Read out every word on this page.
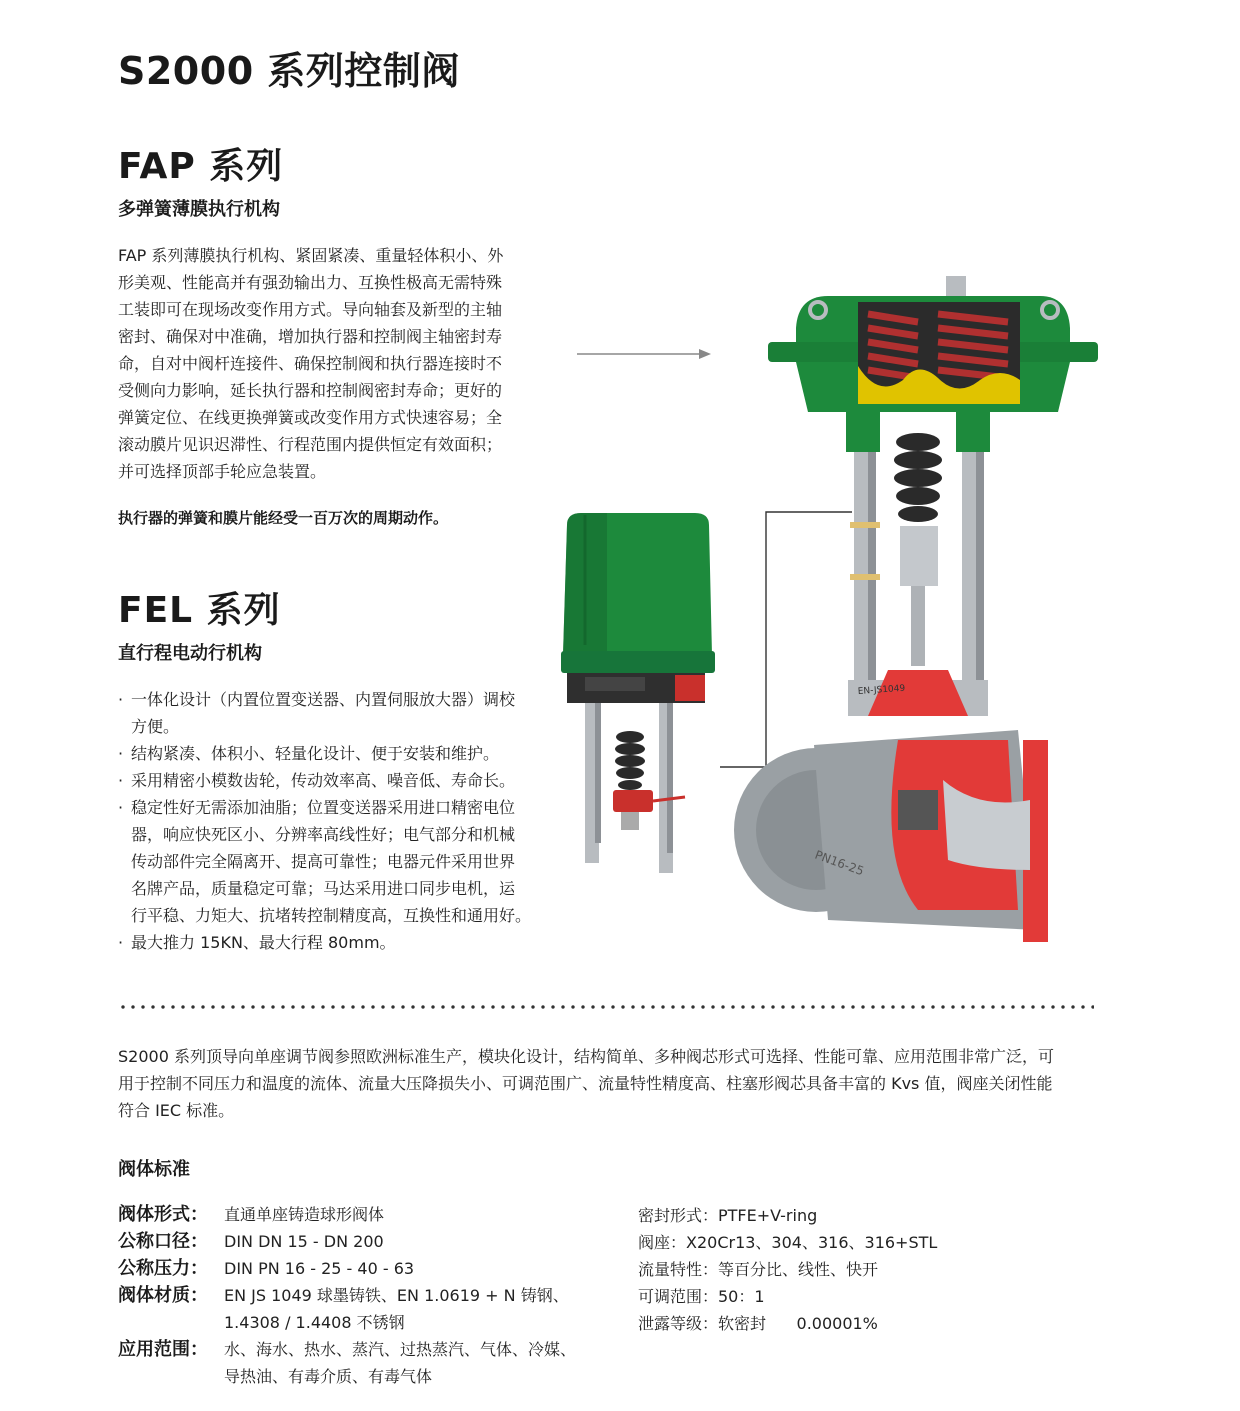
S2000 系列控制阀
FAP 系列
多弹簧薄膜执行机构
FAP 系列薄膜执行机构、紧固紧凑、重量轻体积小、外
形美观、性能高并有强劲输出力、互换性极高无需特殊
工装即可在现场改变作用方式。导向轴套及新型的主轴
密封、确保对中准确，增加执行器和控制阀主轴密封寿
命，自对中阀杆连接件、确保控制阀和执行器连接时不
受侧向力影响，延长执行器和控制阀密封寿命；更好的
弹簧定位、在线更换弹簧或改变作用方式快速容易；全
滚动膜片见识迟滞性、行程范围内提供恒定有效面积；
并可选择顶部手轮应急装置。
执行器的弹簧和膜片能经受一百万次的周期动作。
FEL 系列
直行程电动行机构
· 一体化设计（内置位置变送器、内置伺服放大器）调校
方便。
· 结构紧凑、体积小、轻量化设计、便于安装和维护。
· 采用精密小模数齿轮，传动效率高、噪音低、寿命长。
· 稳定性好无需添加油脂；位置变送器采用进口精密电位
器，响应快死区小、分辨率高线性好；电气部分和机械
传动部件完全隔离开、提高可靠性；电器元件采用世界
名牌产品，质量稳定可靠；马达采用进口同步电机，运
行平稳、力矩大、抗堵转控制精度高，互换性和通用好。
· 最大推力 15KN、最大行程 80mm。
EN-JS1049
PN16-25
S2000 系列顶导向单座调节阀参照欧洲标准生产，模块化设计，结构简单、多种阀芯形式可选择、性能可靠、应用范围非常广泛，可
用于控制不同压力和温度的流体、流量大压降损失小、可调范围广、流量特性精度高、柱塞形阀芯具备丰富的 Kvs 值，阀座关闭性能
符合 IEC 标准。
阀体标准
阀体形式：	直通单座铸造球形阀体
公称口径：	DIN DN 15 - DN 200
公称压力：	DIN PN 16 - 25 - 40 - 63
阀体材质：	EN JS 1049 球墨铸铁、EN 1.0619 + N 铸钢、
1.4308 / 1.4408 不锈钢
应用范围：	水、海水、热水、蒸汽、过热蒸汽、气体、冷媒、
导热油、有毒介质、有毒气体
密封形式：PTFE+V-ring
阀座：X20Cr13、304、316、316+STL
流量特性：等百分比、线性、快开
可调范围：50：1
泄露等级：软密封      0.00001%
